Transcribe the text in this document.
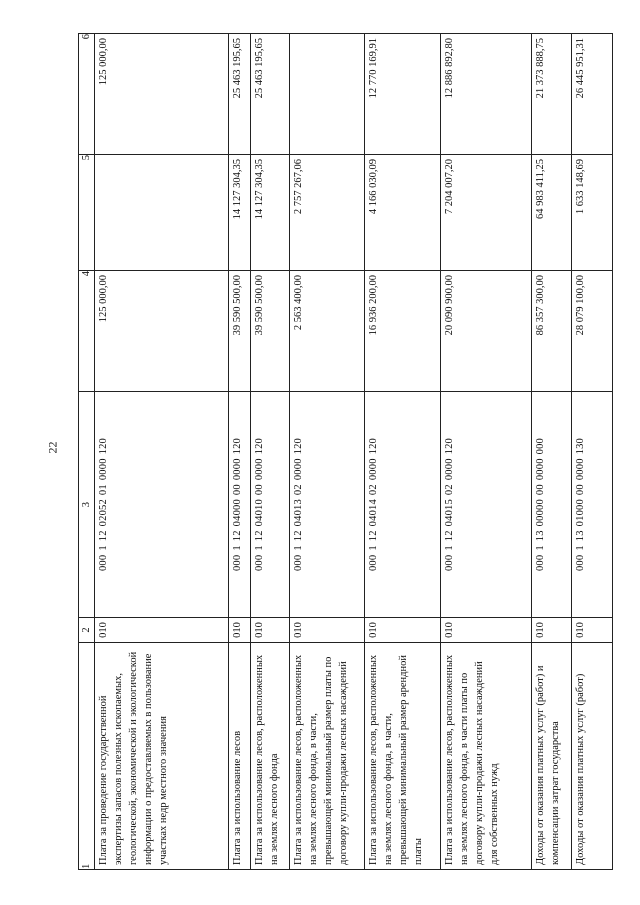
22
1	2	3	4	5	6
Плата за проведение государственной экспертизы запасов полезных ископаемых, геологической, экономической и экологической информации о предоставляемых в пользование участках недр местного значения	010	00011202052010000120	125 000,00		125 000,00
Плата за использование лесов	010	00011204000000000120	39 590 500,00	14 127 304,35	25 463 195,65
Плата за использование лесов, расположенных на землях лесного фонда	010	00011204010000000120	39 590 500,00	14 127 304,35	25 463 195,65
Плата за использование лесов, расположенных на землях лесного фонда, в части, превышающей минимальный размер платы по договору купли-продажи лесных насаждений	010	00011204013020000120	2 563 400,00	2 757 267,06	
Плата за использование лесов, расположенных на землях лесного фонда, в части, превышающей минимальный размер арендной платы	010	00011204014020000120	16 936 200,00	4 166 030,09	12 770 169,91
Плата за использование лесов, расположенных на землях лесного фонда, в части платы по договору купли-продажи лесных насаждений для собственных нужд	010	00011204015020000120	20 090 900,00	7 204 007,20	12 886 892,80
Доходы от оказания платных услуг (работ) и компенсации затрат государства	010	00011300000000000000	86 357 300,00	64 983 411,25	21 373 888,75
Доходы от оказания платных услуг (работ)	010	00011301000000000130	28 079 100,00	1 633 148,69	26 445 951,31
